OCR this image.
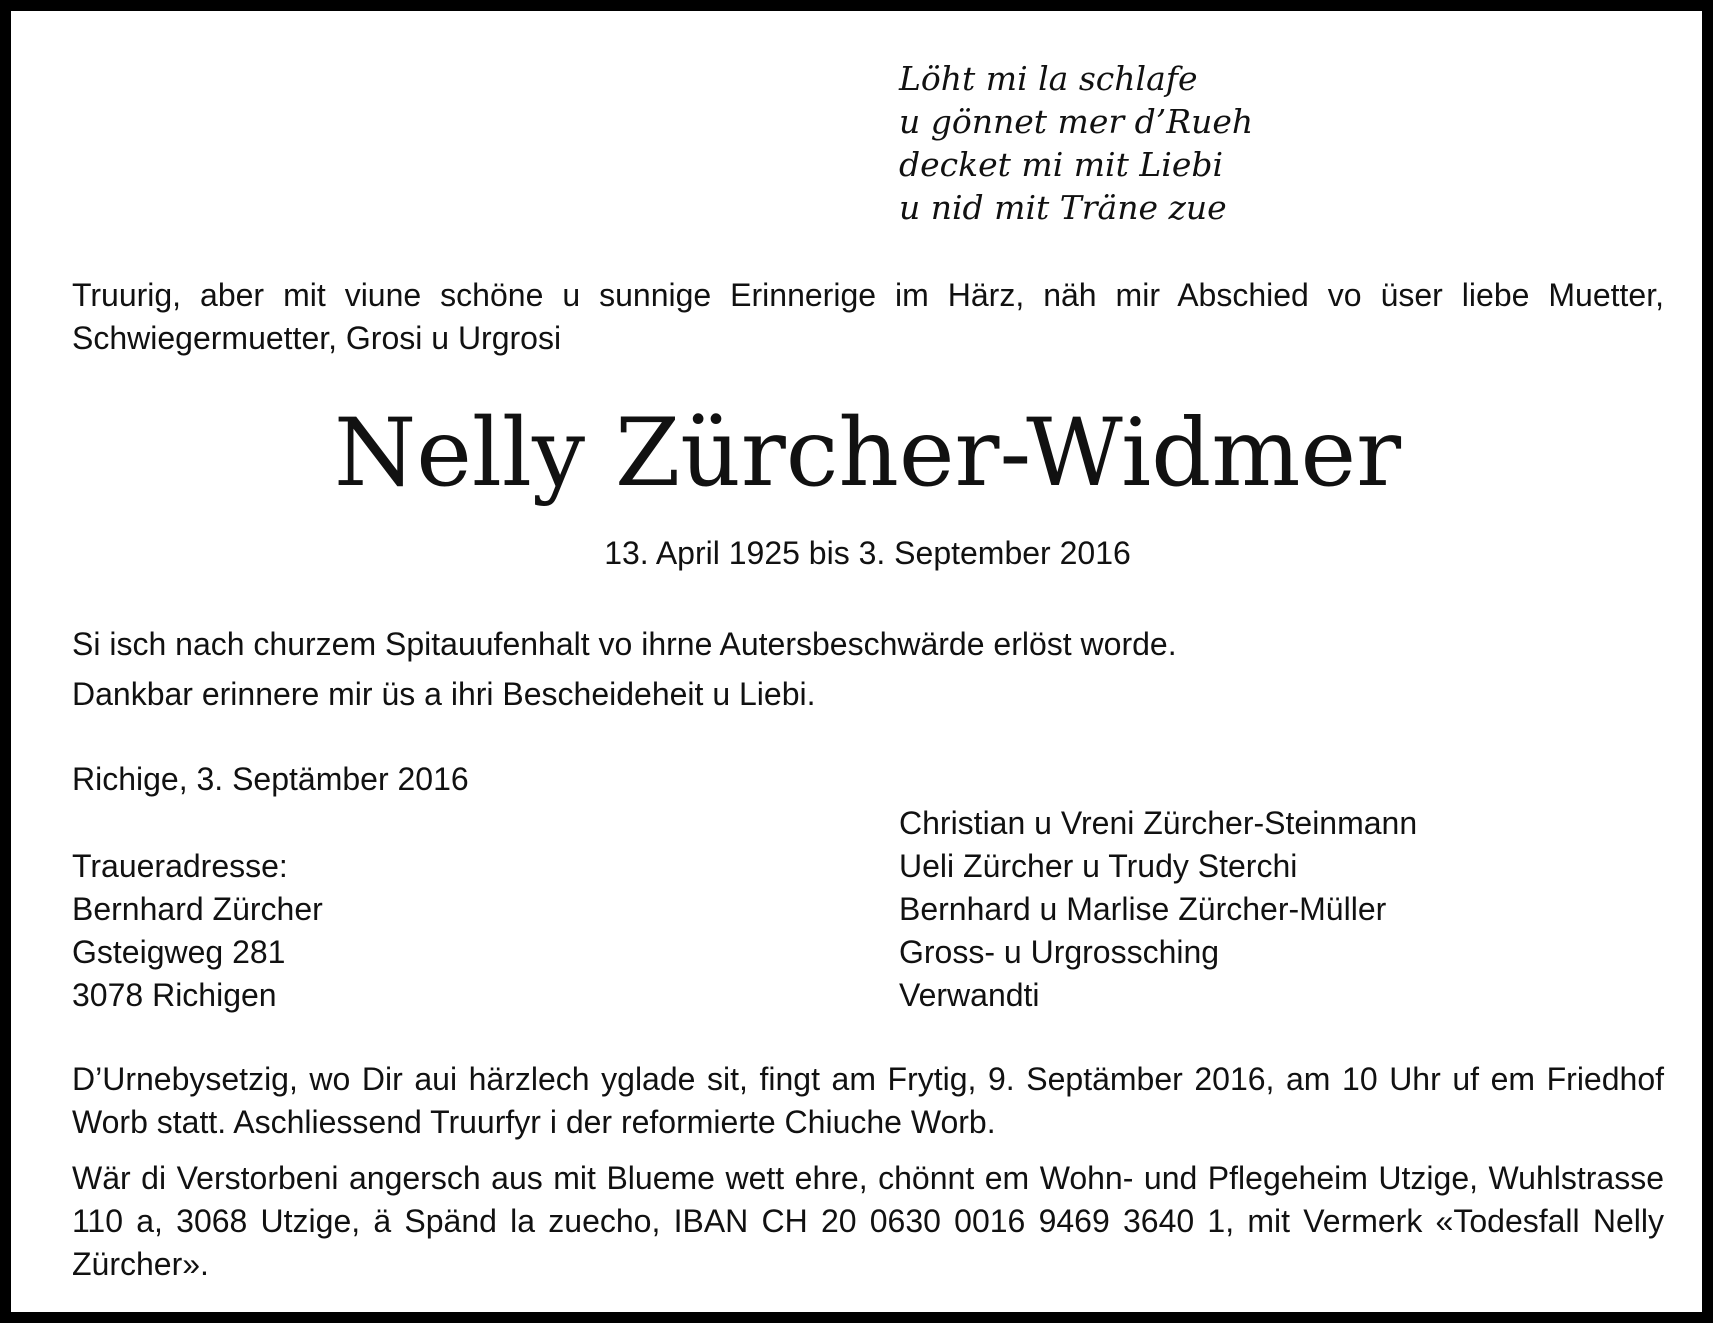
Löht mi la schlafe
u gönnet mer d’Rueh
decket mi mit Liebi
u nid mit Träne zue
Truurig, aber mit viune schöne u sunnige Erinnerige im Härz, näh mir Abschied vo üser liebe Muetter, Schwiegermuetter, Grosi u Urgrosi
Nelly Zürcher-Widmer
13. April 1925 bis 3. September 2016
Si isch nach churzem Spitauufenhalt vo ihrne Autersbeschwärde erlöst worde.
Dankbar erinnere mir üs a ihri Bescheideheit u Liebi.
Richige, 3. Septämber 2016
Traueradresse:
Bernhard Zürcher
Gsteigweg 281
3078 Richigen
Christian u Vreni Zürcher-Steinmann
Ueli Zürcher u Trudy Sterchi
Bernhard u Marlise Zürcher-Müller
Gross- u Urgrossching
Verwandti
D’Urnebysetzig, wo Dir aui härzlech yglade sit, fingt am Frytig, 9. Septämber 2016, am 10 Uhr uf em Friedhof Worb statt. Aschliessend Truurfyr i der reformierte Chiuche Worb.
Wär di Verstorbeni angersch aus mit Blueme wett ehre, chönnt em Wohn- und Pflegeheim Utzige, Wuhlstrasse 110 a, 3068 Utzige, ä Spänd la zuecho, IBAN CH 20 0630 0016 9469 3640 1, mit Vermerk «Todesfall Nelly Zürcher».
